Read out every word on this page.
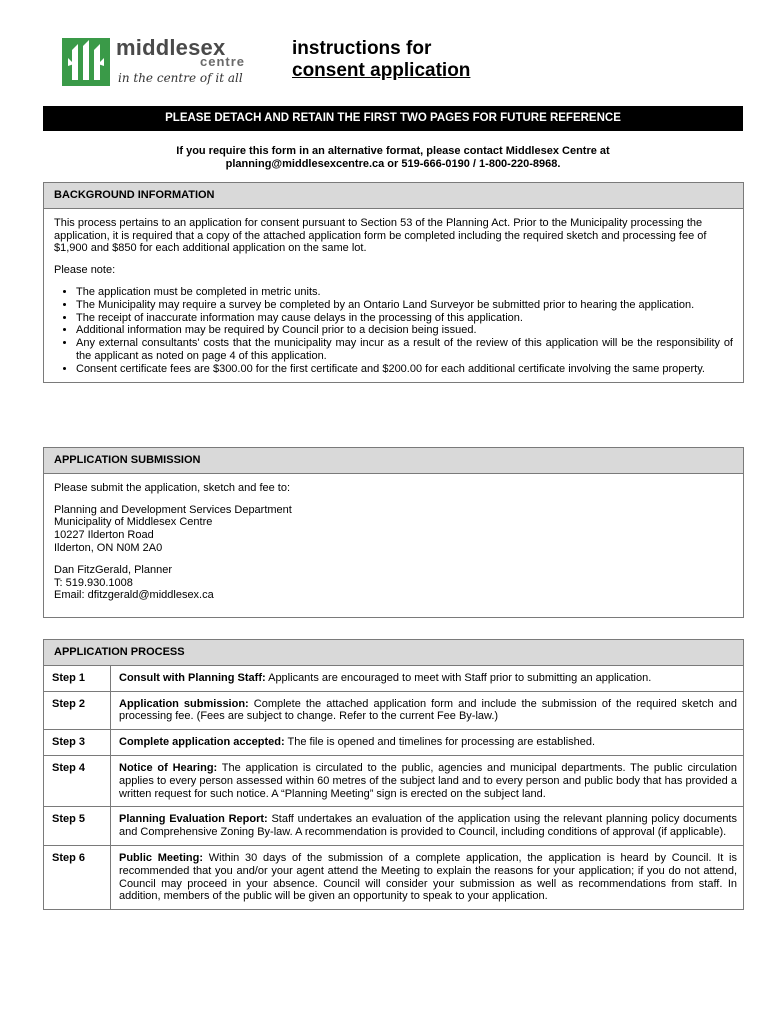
middlesex
centre
in the centre of it all
instructions for
consent application
PLEASE DETACH AND RETAIN THE FIRST TWO PAGES FOR FUTURE REFERENCE
If you require this form in an alternative format, please contact Middlesex Centre at
planning@middlesexcentre.ca or 519-666-0190 / 1-800-220-8968.
BACKGROUND INFORMATION

This process pertains to an application for consent pursuant to Section 53 of the Planning Act. Prior to the Municipality processing the application, it is required that a copy of the attached application form be completed including the required sketch and processing fee of $1,900 and $850 for each additional application on the same lot.

Please note:

• The application must be completed in metric units.
• The Municipality may require a survey be completed by an Ontario Land Surveyor be submitted prior to hearing the application.
• The receipt of inaccurate information may cause delays in the processing of this application.
• Additional information may be required by Council prior to a decision being issued.
• Any external consultants' costs that the municipality may incur as a result of the review of this application will be the responsibility of the applicant as noted on page 4 of this application.
• Consent certificate fees are $300.00 for the first certificate and $200.00 for each additional certificate involving the same property.
APPLICATION SUBMISSION

Please submit the application, sketch and fee to:

Planning and Development Services Department
Municipality of Middlesex Centre
10227 Ilderton Road
Ilderton, ON N0M 2A0

Dan FitzGerald, Planner
T: 519.930.1008
Email: dfitzgerald@middlesex.ca

APPLICATION PROCESS
Step 1	Consult with Planning Staff: Applicants are encouraged to meet with Staff prior to submitting an application.
Step 2	Application submission: Complete the attached application form and include the submission of the required sketch and processing fee. (Fees are subject to change. Refer to the current Fee By-law.)
Step 3	Complete application accepted: The file is opened and timelines for processing are established.
Step 4	Notice of Hearing: The application is circulated to the public, agencies and municipal departments. The public circulation applies to every person assessed within 60 metres of the subject land and to every person and public body that has provided a written request for such notice. A “Planning Meeting” sign is erected on the subject land.
Step 5	Planning Evaluation Report: Staff undertakes an evaluation of the application using the relevant planning policy documents and Comprehensive Zoning By-law. A recommendation is provided to Council, including conditions of approval (if applicable).
Step 6	Public Meeting: Within 30 days of the submission of a complete application, the application is heard by Council. It is recommended that you and/or your agent attend the Meeting to explain the reasons for your application; if you do not attend, Council may proceed in your absence. Council will consider your submission as well as recommendations from staff. In addition, members of the public will be given an opportunity to speak to your application.
